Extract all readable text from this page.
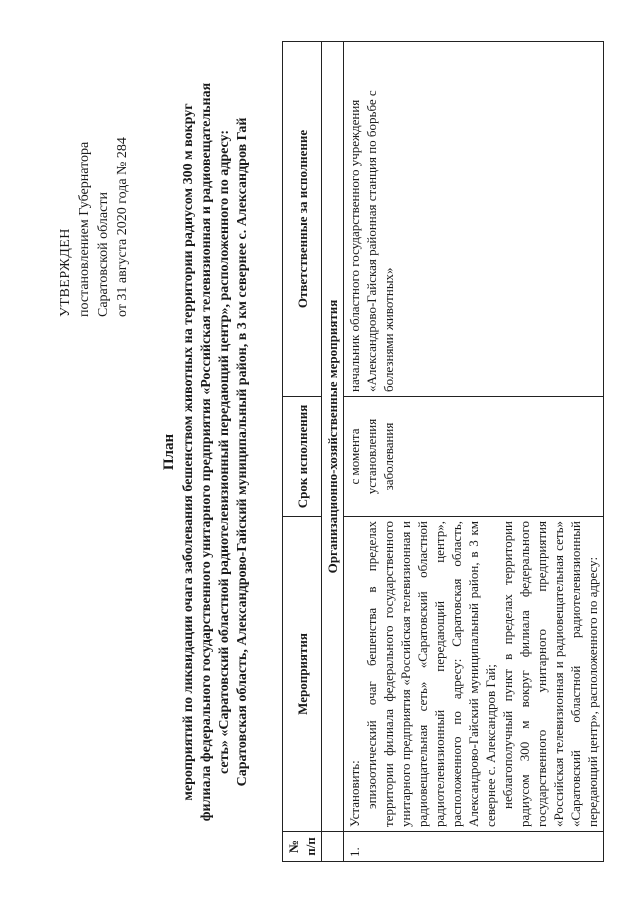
УТВЕРЖДЕН постановлением Губернатора Саратовской области от 31 августа 2020 года № 284
План мероприятий по ликвидации очага заболевания бешенством животных на территории радиусом 300 м вокруг филиала федерального государственного унитарного предприятия «Российская телевизионная и радиовещательная сеть» «Саратовский областной радиотелевизионный передающий центр», расположенного по адресу: Саратовская область, Александрово-Гайский муниципальный район, в 3 км севернее с. Александров Гай
№ п/п	Мероприятия	Срок исполнения	Ответственные за исполнение
	Организационно-хозяйственные мероприятия		
1.	Установить: эпизоотический очаг бешенства в пределах территории филиала федерального государственного унитарного предприятия «Российская телевизионная и радиовещательная сеть» «Саратовский областной радиотелевизионный передающий центр», расположенного по адресу: Саратовская область, Александрово-Гайский муниципальный район, в 3 км севернее с. Александров Гай; неблагополучный пункт в пределах территории радиусом 300 м вокруг филиала федерального государственного унитарного предприятия «Российская телевизионная и радиовещательная сеть» «Саратовский областной радиотелевизионный передающий центр», расположенного по адресу:	с момента установления заболевания	начальник областного государственного учреждения «Александрово-Гайская районная станция по борьбе с болезнями животных»
